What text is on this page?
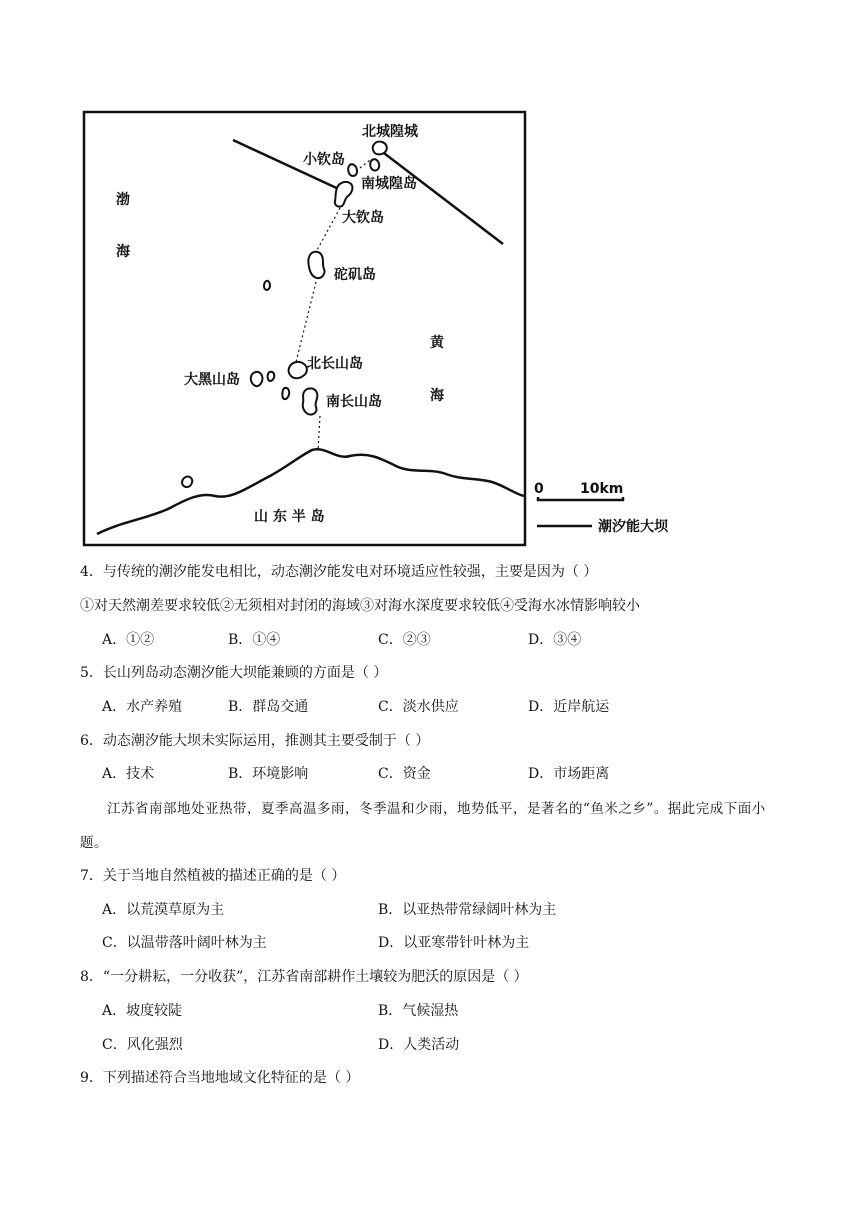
北城隍城
小钦岛
南城隍岛
大钦岛
砣矶岛
北长山岛
大黑山岛
南长山岛
渤
海
黄
海
山 东 半 岛
0	10km
潮汐能大坝
4．与传统的潮汐能发电相比，动态潮汐能发电对环境适应性较强，主要是因为（ ）
①对天然潮差要求较低②无须相对封闭的海域③对海水深度要求较低④受海水冰情影响较小
A．①②	B．①④	C．②③	D．③④
5．长山列岛动态潮汐能大坝能兼顾的方面是（ ）
A．水产养殖	B．群岛交通	C．淡水供应	D．近岸航运
6．动态潮汐能大坝未实际运用，推测其主要受制于（ ）
A．技术	B．环境影响	C．资金	D．市场距离
江苏省南部地处亚热带，夏季高温多雨，冬季温和少雨，地势低平，是著名的“鱼米之乡”。据此完成下面小题。
7．关于当地自然植被的描述正确的是（ ）
A．以荒漠草原为主	B．以亚热带常绿阔叶林为主
C．以温带落叶阔叶林为主	D．以亚寒带针叶林为主
8．“一分耕耘，一分收获”，江苏省南部耕作土壤较为肥沃的原因是（ ）
A．坡度较陡	B．气候湿热
C．风化强烈	D．人类活动
9．下列描述符合当地地域文化特征的是（ ）
